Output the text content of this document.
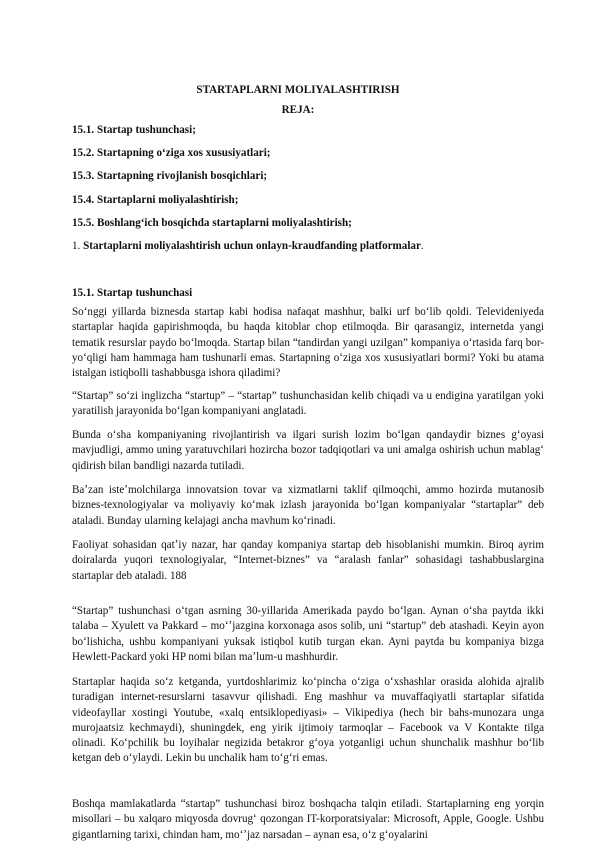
STARTAPLARNI MOLIYALASHTIRISH
REJA:
15.1. Startap tushunchasi;
15.2. Startapning oʻziga xos xususiyatlari;
15.3. Startapning rivojlanish bosqichlari;
15.4. Startaplarni moliyalashtirish;
15.5. Boshlangʻich bosqichda startaplarni moliyalashtirish;
1. Startaplarni moliyalashtirish uchun onlayn-kraudfanding platformalar.
15.1. Startap tushunchasi

Soʻnggi yillarda biznesda startap kabi hodisa nafaqat mashhur, balki urf boʻlib qoldi. Televideniyeda startaplar haqida gapirishmoqda, bu haqda kitoblar chop etilmoqda. Bir qarasangiz, internetda yangi tematik resurslar paydo boʻlmoqda. Startap bilan “tandirdan yangi uzilgan” kompaniya oʻrtasida farq bor-yoʻqligi ham hammaga ham tushunarli emas. Startapning oʻziga xos xususiyatlari bormi? Yoki bu atama istalgan istiqbolli tashabbusga ishora qiladimi?

“Startap” soʻzi inglizcha “startup” – “startap” tushunchasidan kelib chiqadi va u endigina yaratilgan yoki yaratilish jarayonida boʻlgan kompaniyani anglatadi.

Bunda oʻsha kompaniyaning rivojlantirish va ilgari surish lozim boʻlgan qandaydir biznes gʻoyasi mavjudligi, ammo uning yaratuvchilari hozircha bozor tadqiqotlari va uni amalga oshirish uchun mablagʻ qidirish bilan bandligi nazarda tutiladi.

Baʼzan isteʼmolchilarga innovatsion tovar va xizmatlarni taklif qilmoqchi, ammo hozirda mutanosib biznes-texnologiyalar va moliyaviy koʻmak izlash jarayonida boʻlgan kompaniyalar “startaplar” deb ataladi. Bunday ularning kelajagi ancha mavhum koʻrinadi.

Faoliyat sohasidan qatʼiy nazar, har qanday kompaniya startap deb hisoblanishi mumkin. Biroq ayrim doiralarda yuqori texnologiyalar, “Internet-biznes” va “aralash fanlar” sohasidagi tashabbuslargina startaplar deb ataladi. 188

“Startap” tushunchasi oʻtgan asrning 30-yillarida Amerikada paydo boʻlgan. Aynan oʻsha paytda ikki talaba – Xyulett va Pakkard – moʻʼjazgina korxonaga asos solib, uni “startup” deb atashadi. Keyin ayon boʻlishicha, ushbu kompaniyani yuksak istiqbol kutib turgan ekan. Ayni paytda bu kompaniya bizga Hewlett-Packard yoki HP nomi bilan maʼlum-u mashhurdir.

Startaplar haqida soʻz ketganda, yurtdoshlarimiz koʻpincha oʻziga oʻxshashlar orasida alohida ajralib turadigan internet-resurslarni tasavvur qilishadi. Eng mashhur va muvaffaqiyatli startaplar sifatida videofayllar xostingi Youtube, «xalq entsiklopediyasi» – Vikipediya (hech bir bahs-munozara unga murojaatsiz kechmaydi), shuningdek, eng yirik ijtimoiy tarmoqlar – Facebook va V Kontakte tilga olinadi. Koʻpchilik bu loyihalar negizida betakror gʻoya yotganligi uchun shunchalik mashhur boʻlib ketgan deb oʻylaydi. Lekin bu unchalik ham toʻgʻri emas.

Boshqa mamlakatlarda “startap” tushunchasi biroz boshqacha talqin etiladi. Startaplarning eng yorqin misollari – bu xalqaro miqyosda dovrugʻ qozongan IT-korporatsiyalar: Microsoft, Apple, Google. Ushbu gigantlarning tarixi, chindan ham, moʻʼjaz narsadan – aynan esa, oʻz gʻoyalarini
